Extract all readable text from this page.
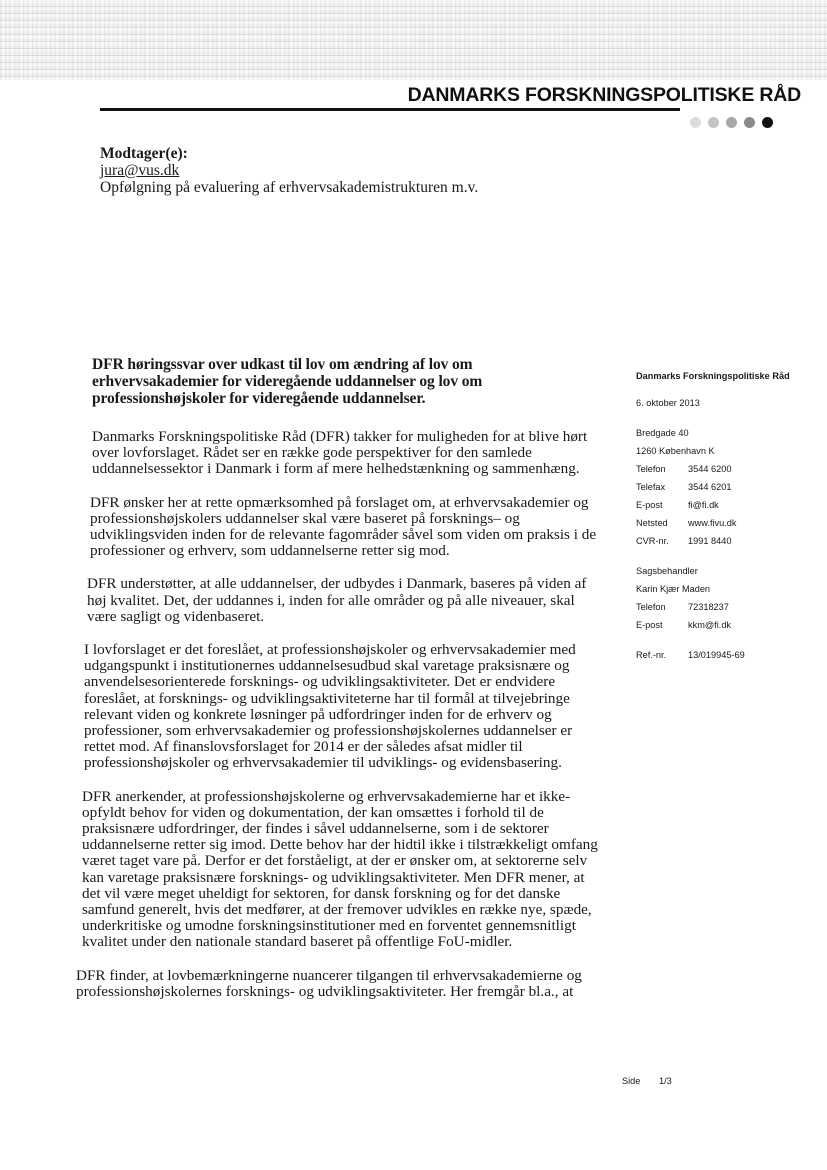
DANMARKS FORSKNINGSPOLITISKE RÅD
Modtager(e):
jura@vus.dk
Opfølgning på evaluering af erhvervsakademistrukturen m.v.
DFR høringssvar over udkast til lov om ændring af lov om erhvervsakademier for videregående uddannelser og lov om professionshøjskoler for videregående uddannelser.

Danmarks Forskningspolitiske Råd (DFR) takker for muligheden for at blive hørt over lovforslaget. Rådet ser en række gode perspektiver for den samlede uddannelsessektor i Danmark i form af mere helhedstænkning og sammenhæng.

DFR ønsker her at rette opmærksomhed på forslaget om, at erhvervsakademier og professionshøjskolers uddannelser skal være baseret på forsknings– og udviklingsviden inden for de relevante fagområder såvel som viden om praksis i de professioner og erhverv, som uddannelserne retter sig mod.

DFR understøtter, at alle uddannelser, der udbydes i Danmark, baseres på viden af høj kvalitet. Det, der uddannes i, inden for alle områder og på alle niveauer, skal være sagligt og videnbaseret.

I lovforslaget er det foreslået, at professionshøjskoler og erhvervsakademier med udgangspunkt i institutionernes uddannelsesudbud skal varetage praksisnære og anvendelsesorienterede forsknings- og udviklingsaktiviteter. Det er endvidere foreslået, at forsknings- og udviklingsaktiviteterne har til formål at tilvejebringe relevant viden og konkrete løsninger på udfordringer inden for de erhverv og professioner, som erhvervsakademier og professionshøjskolernes uddannelser er rettet mod. Af finanslovsforslaget for 2014 er der således afsat midler til professionshøjskoler og erhvervsakademier til udviklings- og evidensbasering.

DFR anerkender, at professionshøjskolerne og erhvervsakademierne har et ikke-opfyldt behov for viden og dokumentation, der kan omsættes i forhold til de praksisnære udfordringer, der findes i såvel uddannelserne, som i de sektorer uddannelserne retter sig imod. Dette behov har der hidtil ikke i tilstrækkeligt omfang været taget vare på. Derfor er det forståeligt, at der er ønsker om, at sektorerne selv kan varetage praksisnære forsknings- og udviklingsaktiviteter. Men DFR mener, at det vil være meget uheldigt for sektoren, for dansk forskning og for det danske samfund generelt, hvis det medfører, at der fremover udvikles en række nye, spæde, underkritiske og umodne forskningsinstitutioner med en forventet gennemsnitligt kvalitet under den nationale standard baseret på offentlige FoU-midler.

DFR finder, at lovbemærkningerne nuancerer tilgangen til erhvervsakademierne og professionshøjskolernes forsknings- og udviklingsaktiviteter. Her fremgår bl.a., at

Danmarks Forskningspolitiske Råd
6. oktober 2013
Bredgade 40
1260 København K
Telefon	3544 6200
Telefax	3544 6201
E-post	fi@fi.dk
Netsted	www.fivu.dk
CVR-nr.	1991 8440
Sagsbehandler
Karin Kjær Maden
Telefon	72318237
E-post	kkm@fi.dk
Ref.-nr.	13/019945-69
Side 1/3
